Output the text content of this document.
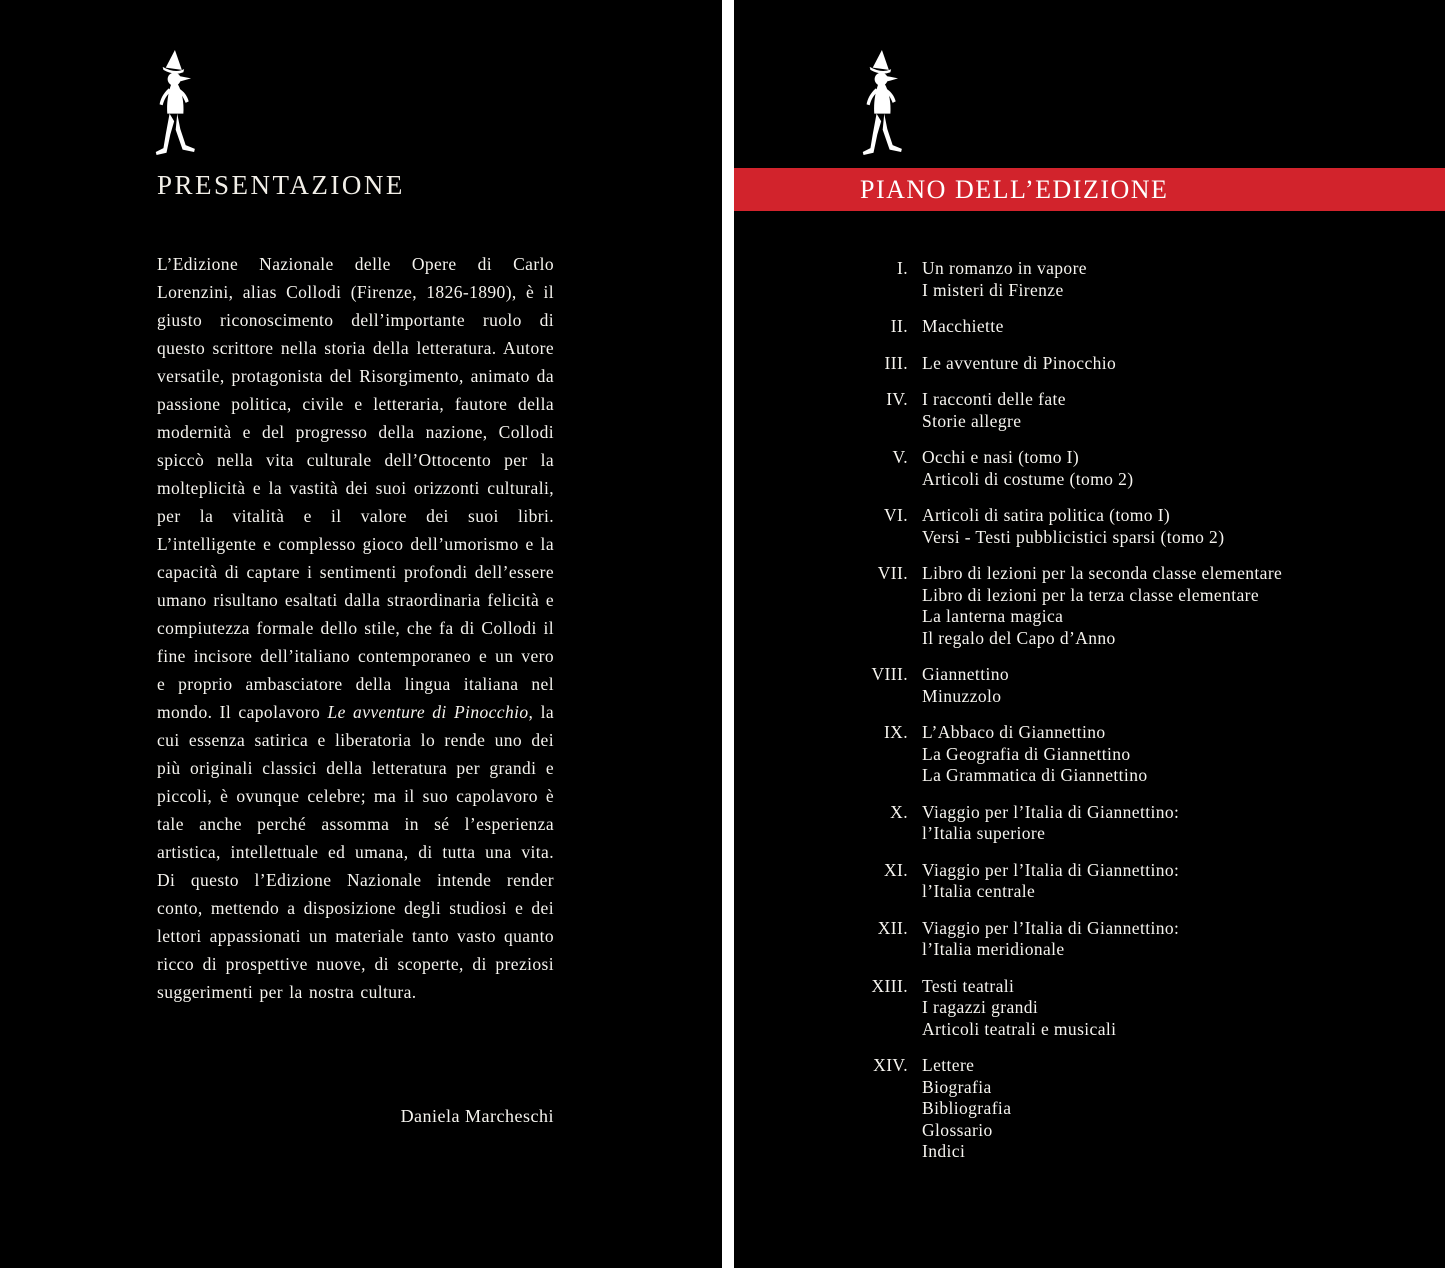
PRESENTAZIONE

L’Edizione Nazionale delle Opere di Carlo Lorenzini, alias Collodi (Firenze, 1826-1890), è il giusto riconoscimento dell’importante ruolo di questo scrittore nella storia della letteratura. Autore versatile, protagonista del Risorgimento, animato da passione politica, civile e letteraria, fautore della modernità e del progresso della nazione, Collodi spiccò nella vita culturale dell’Ottocento per la molteplicità e la vastità dei suoi orizzonti culturali, per la vitalità e il valore dei suoi libri. L’intelligente e complesso gioco dell’umorismo e la capacità di captare i sentimenti profondi dell’essere umano risultano esaltati dalla straordinaria felicità e compiutezza formale dello stile, che fa di Collodi il fine incisore dell’italiano contemporaneo e un vero e proprio ambasciatore della lingua italiana nel mondo. Il capolavoro Le avventure di Pinocchio, la cui essenza satirica e liberatoria lo rende uno dei più originali classici della letteratura per grandi e piccoli, è ovunque celebre; ma il suo capolavoro è tale anche perché assomma in sé l’esperienza artistica, intellettuale ed umana, di tutta una vita. Di questo l’Edizione Nazionale intende render conto, mettendo a disposizione degli studiosi e dei lettori appassionati un materiale tanto vasto quanto ricco di prospettive nuove, di scoperte, di preziosi suggerimenti per la nostra cultura.

Daniela Marcheschi
PIANO DELL’EDIZIONE
I. Un romanzo in vapore
I misteri di Firenze
II. Macchiette
III. Le avventure di Pinocchio
IV. I racconti delle fate
Storie allegre
V. Occhi e nasi (tomo I)
Articoli di costume (tomo 2)
VI. Articoli di satira politica (tomo I)
Versi - Testi pubblicistici sparsi (tomo 2)
VII. Libro di lezioni per la seconda classe elementare
Libro di lezioni per la terza classe elementare
La lanterna magica
Il regalo del Capo d’Anno
VIII. Giannettino
Minuzzolo
IX. L’Abbaco di Giannettino
La Geografia di Giannettino
La Grammatica di Giannettino
X. Viaggio per l’Italia di Giannettino:
l’Italia superiore
XI. Viaggio per l’Italia di Giannettino:
l’Italia centrale
XII. Viaggio per l’Italia di Giannettino:
l’Italia meridionale
XIII. Testi teatrali
I ragazzi grandi
Articoli teatrali e musicali
XIV. Lettere
Biografia
Bibliografia
Glossario
Indici
